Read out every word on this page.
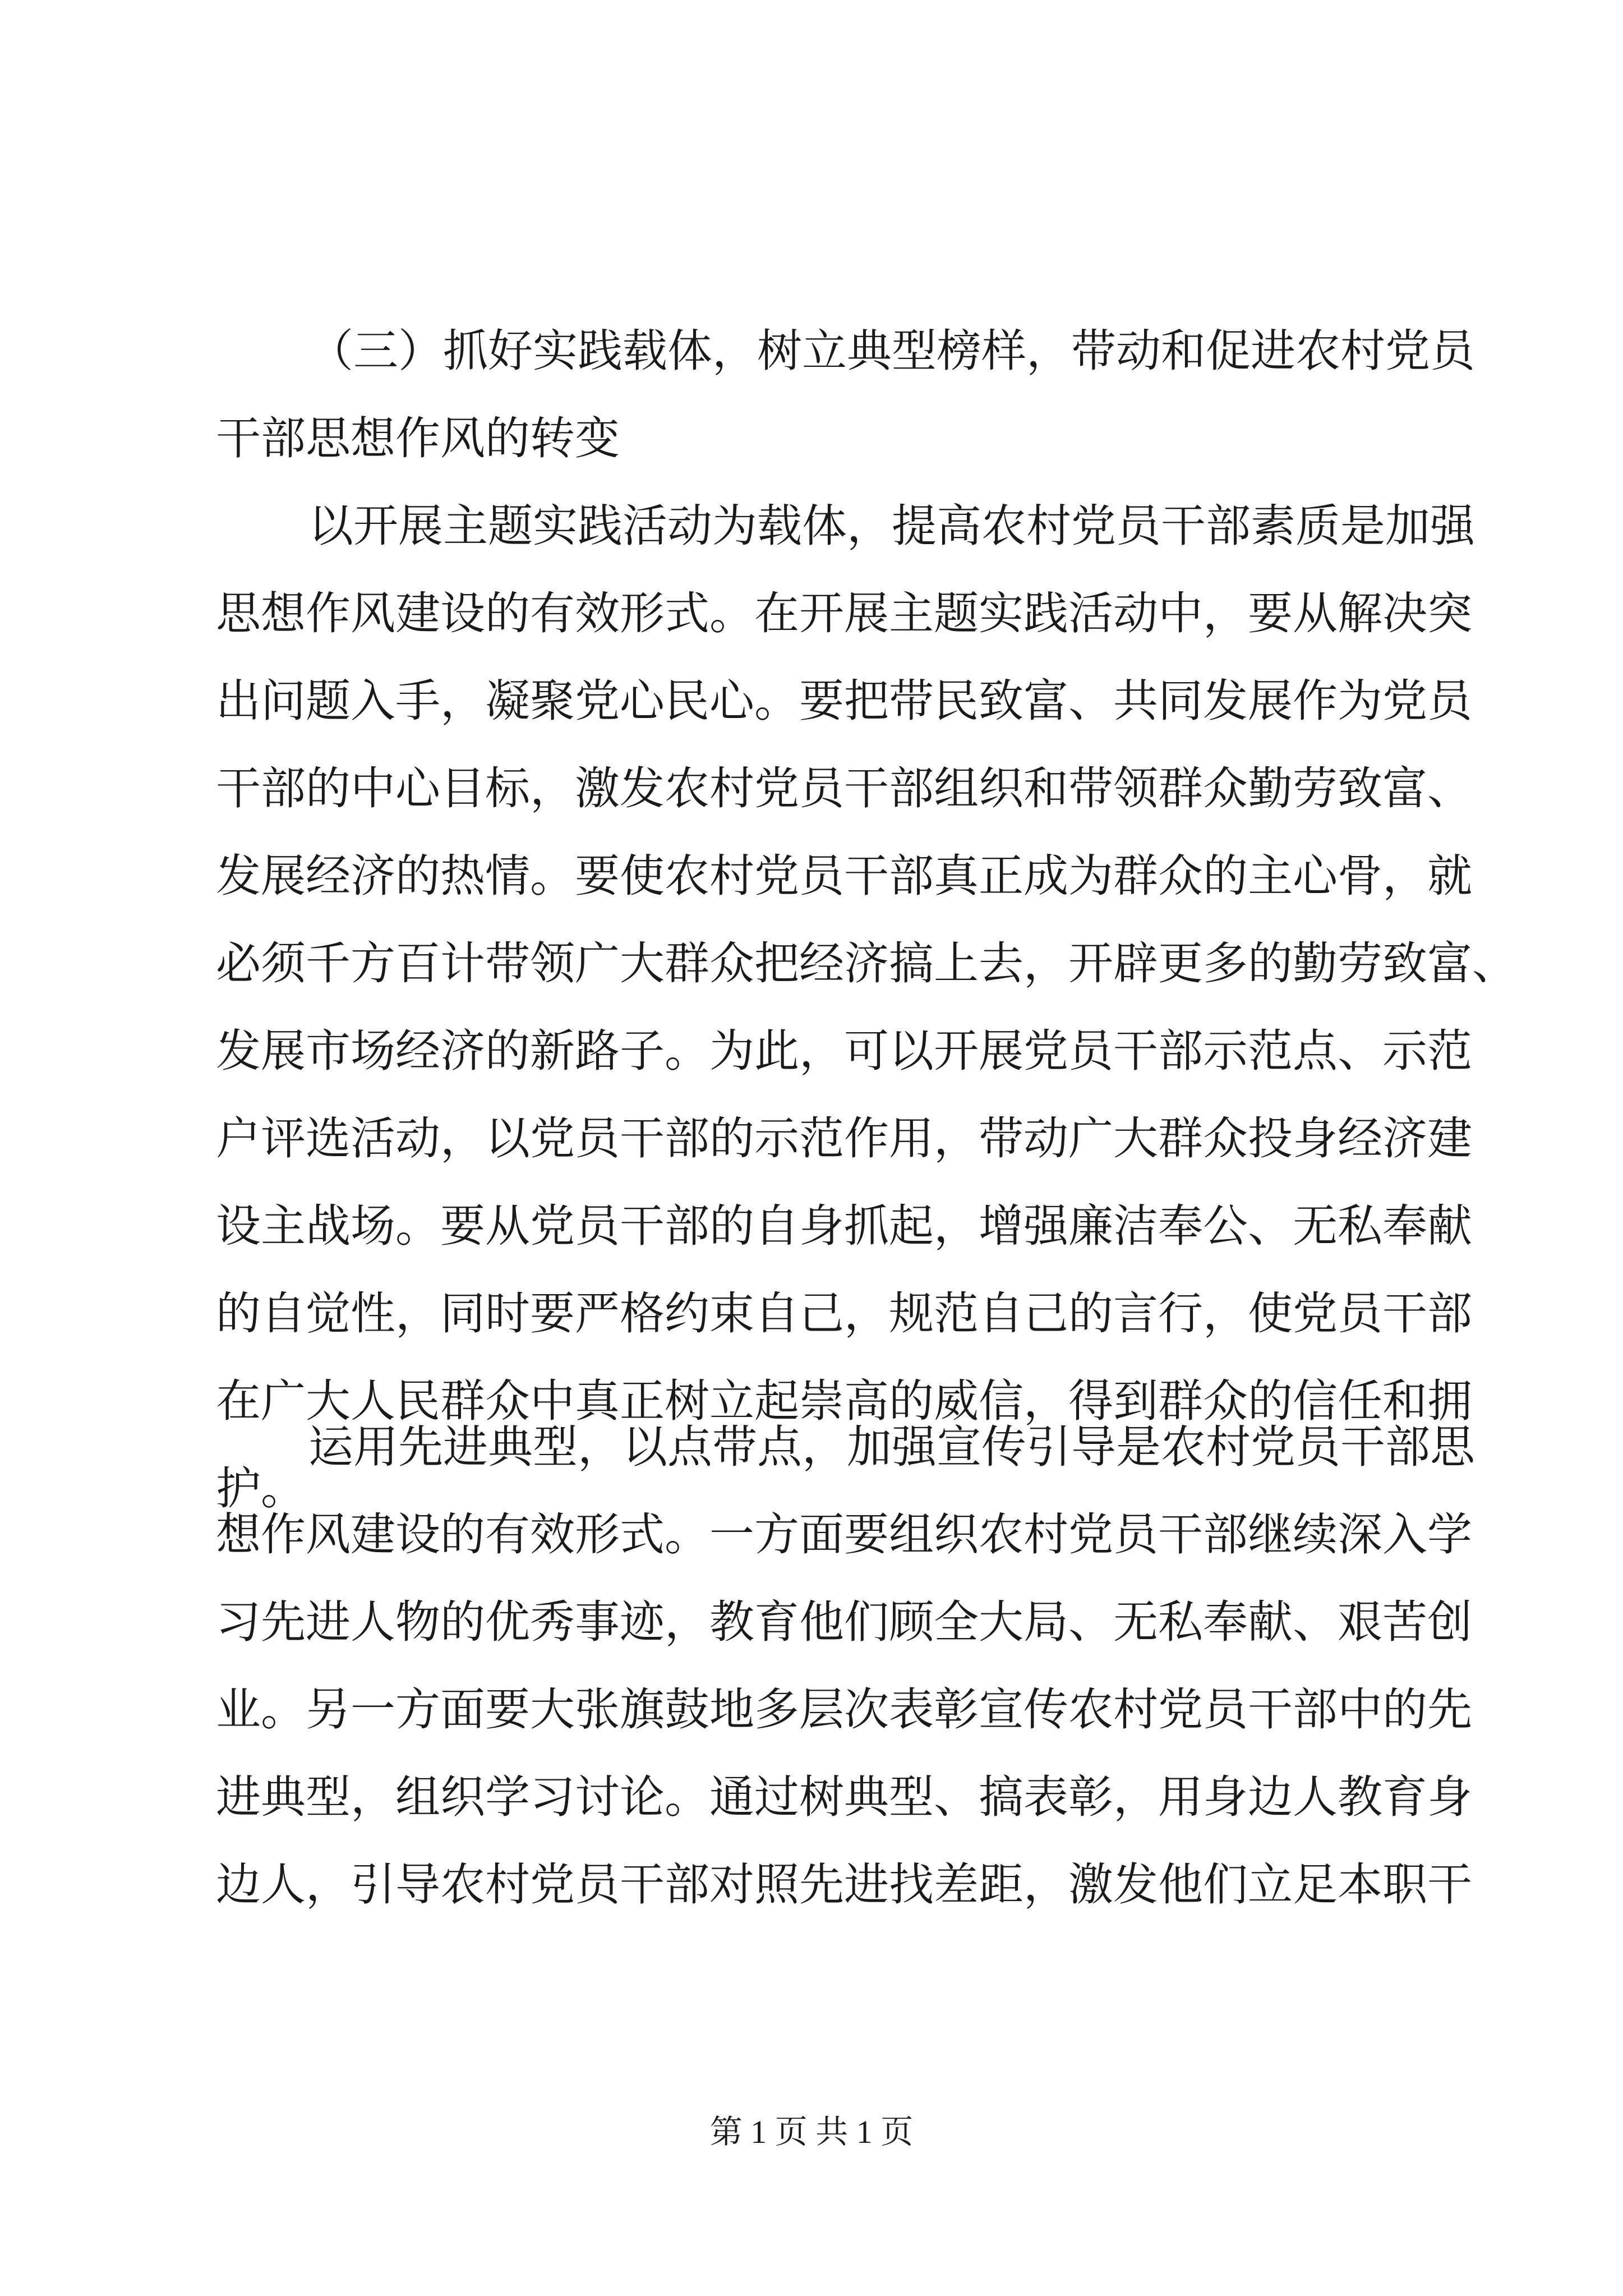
（三）抓好实践载体，树立典型榜样，带动和促进农村党员
干部思想作风的转变
以开展主题实践活动为载体，提高农村党员干部素质是加强
思想作风建设的有效形式。在开展主题实践活动中，要从解决突
出问题入手，凝聚党心民心。要把带民致富、共同发展作为党员
干部的中心目标，激发农村党员干部组织和带领群众勤劳致富、
发展经济的热情。要使农村党员干部真正成为群众的主心骨，就
必须千方百计带领广大群众把经济搞上去，开辟更多的勤劳致富、
发展市场经济的新路子。为此，可以开展党员干部示范点、示范
户评选活动，以党员干部的示范作用，带动广大群众投身经济建
设主战场。要从党员干部的自身抓起，增强廉洁奉公、无私奉献
的自觉性，同时要严格约束自己，规范自己的言行，使党员干部
在广大人民群众中真正树立起崇高的威信，得到群众的信任和拥
护。
运用先进典型，以点带点，加强宣传引导是农村党员干部思
想作风建设的有效形式。一方面要组织农村党员干部继续深入学
习先进人物的优秀事迹，教育他们顾全大局、无私奉献、艰苦创
业。另一方面要大张旗鼓地多层次表彰宣传农村党员干部中的先
进典型，组织学习讨论。通过树典型、搞表彰，用身边人教育身
边人，引导农村党员干部对照先进找差距，激发他们立足本职干
第 1 页 共 1 页
